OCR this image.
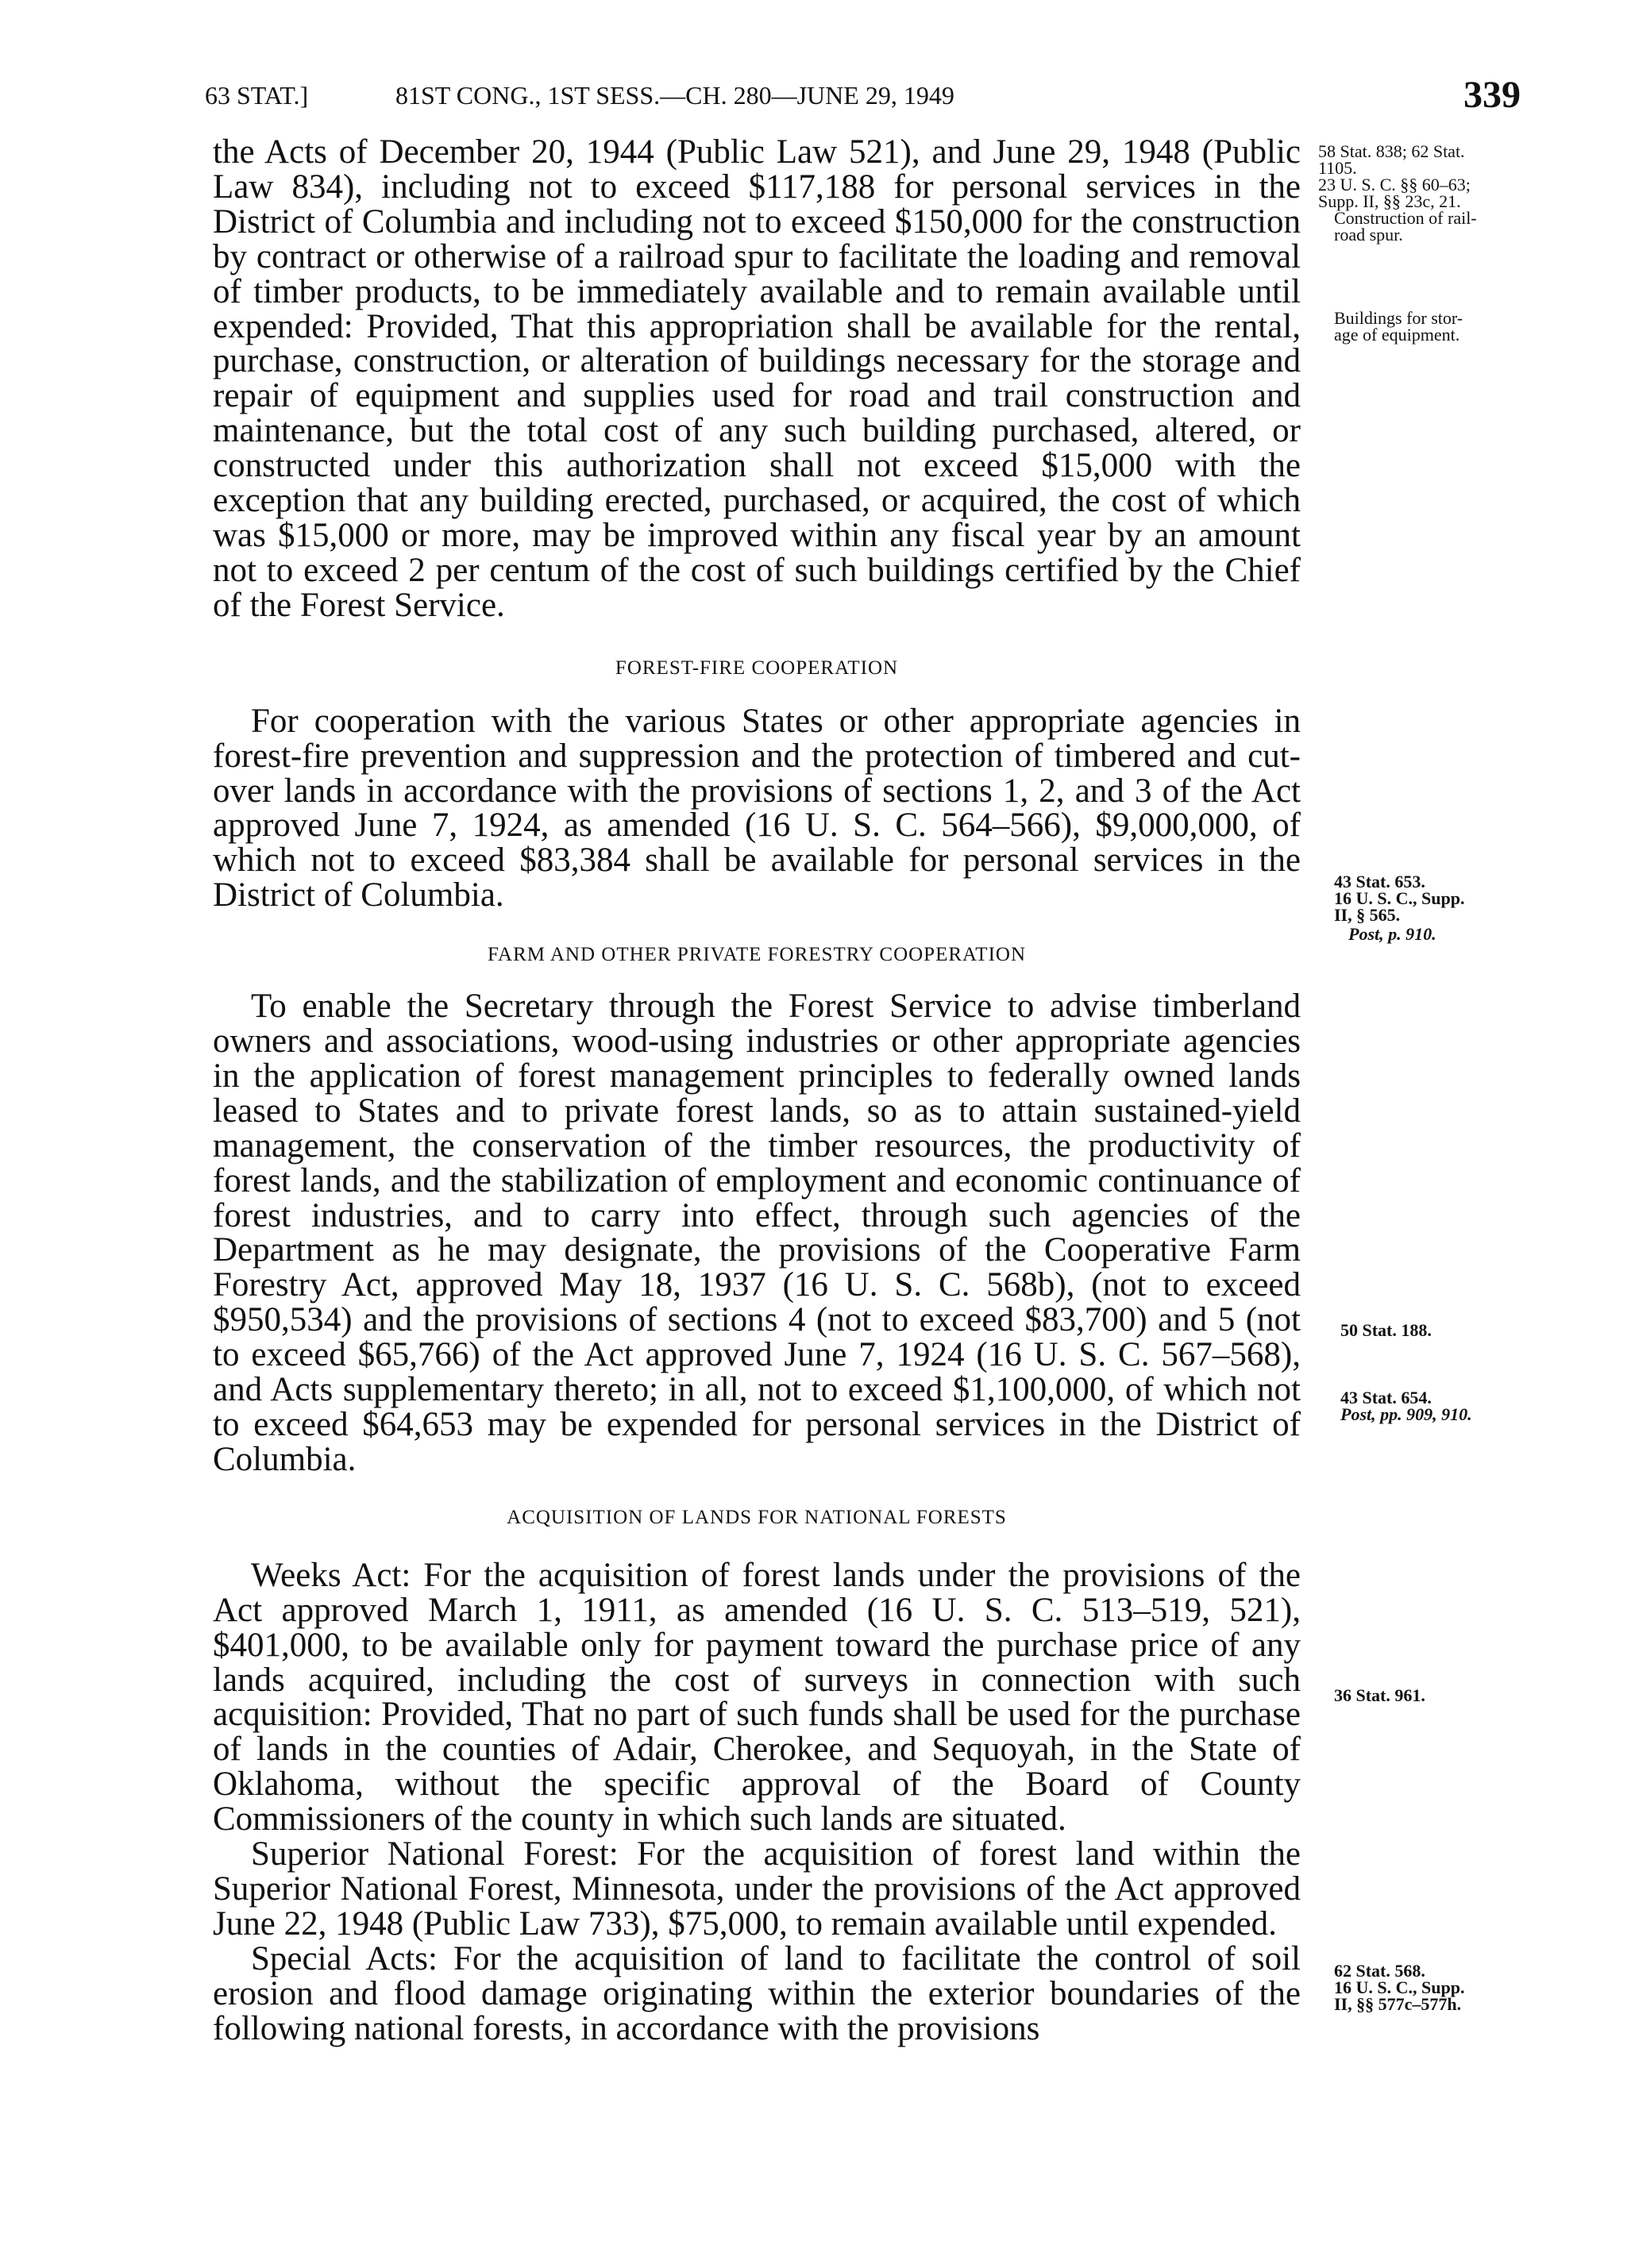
63 STAT.]	81ST CONG., 1ST SESS.—CH. 280—JUNE 29, 1949	339

the Acts of December 20, 1944 (Public Law 521), and June 29, 1948 (Public Law 834), including not to exceed $117,188 for personal services in the District of Columbia and including not to exceed $150,000 for the construction by contract or otherwise of a railroad spur to facilitate the loading and removal of timber products, to be immediately available and to remain available until expended: Provided, That this appropriation shall be available for the rental, purchase, construction, or alteration of buildings necessary for the storage and repair of equipment and supplies used for road and trail construction and maintenance, but the total cost of any such building purchased, altered, or constructed under this authorization shall not exceed $15,000 with the exception that any building erected, purchased, or acquired, the cost of which was $15,000 or more, may be improved within any fiscal year by an amount not to exceed 2 per centum of the cost of such buildings certified by the Chief of the Forest Service.

FOREST-FIRE COOPERATION

For cooperation with the various States or other appropriate agencies in forest-fire prevention and suppression and the protection of timbered and cut-over lands in accordance with the provisions of sections 1, 2, and 3 of the Act approved June 7, 1924, as amended (16 U. S. C. 564–566), $9,000,000, of which not to exceed $83,384 shall be available for personal services in the District of Columbia.

FARM AND OTHER PRIVATE FORESTRY COOPERATION

To enable the Secretary through the Forest Service to advise timberland owners and associations, wood-using industries or other appropriate agencies in the application of forest management principles to federally owned lands leased to States and to private forest lands, so as to attain sustained-yield management, the conservation of the timber resources, the productivity of forest lands, and the stabilization of employment and economic continuance of forest industries, and to carry into effect, through such agencies of the Department as he may designate, the provisions of the Cooperative Farm Forestry Act, approved May 18, 1937 (16 U. S. C. 568b), (not to exceed $950,534) and the provisions of sections 4 (not to exceed $83,700) and 5 (not to exceed $65,766) of the Act approved June 7, 1924 (16 U. S. C. 567–568), and Acts supplementary thereto; in all, not to exceed $1,100,000, of which not to exceed $64,653 may be expended for personal services in the District of Columbia.

ACQUISITION OF LANDS FOR NATIONAL FORESTS

Weeks Act: For the acquisition of forest lands under the provisions of the Act approved March 1, 1911, as amended (16 U. S. C. 513–519, 521), $401,000, to be available only for payment toward the purchase price of any lands acquired, including the cost of surveys in connection with such acquisition: Provided, That no part of such funds shall be used for the purchase of lands in the counties of Adair, Cherokee, and Sequoyah, in the State of Oklahoma, without the specific approval of the Board of County Commissioners of the county in which such lands are situated.

Superior National Forest: For the acquisition of forest land within the Superior National Forest, Minnesota, under the provisions of the Act approved June 22, 1948 (Public Law 733), $75,000, to remain available until expended.

Special Acts: For the acquisition of land to facilitate the control of soil erosion and flood damage originating within the exterior boundaries of the following national forests, in accordance with the provisions

58 Stat. 838; 62 Stat.
1105.
23 U. S. C. §§ 60–63;
Supp. II, §§ 23c, 21.
Construction of rail-
road spur.
Buildings for stor-
age of equipment.
43 Stat. 653.
16 U. S. C., Supp.
II, § 565.
Post, p. 910.
50 Stat. 188.
43 Stat. 654.
Post, pp. 909, 910.
36 Stat. 961.
62 Stat. 568.
16 U. S. C., Supp.
II, §§ 577c–577h.
